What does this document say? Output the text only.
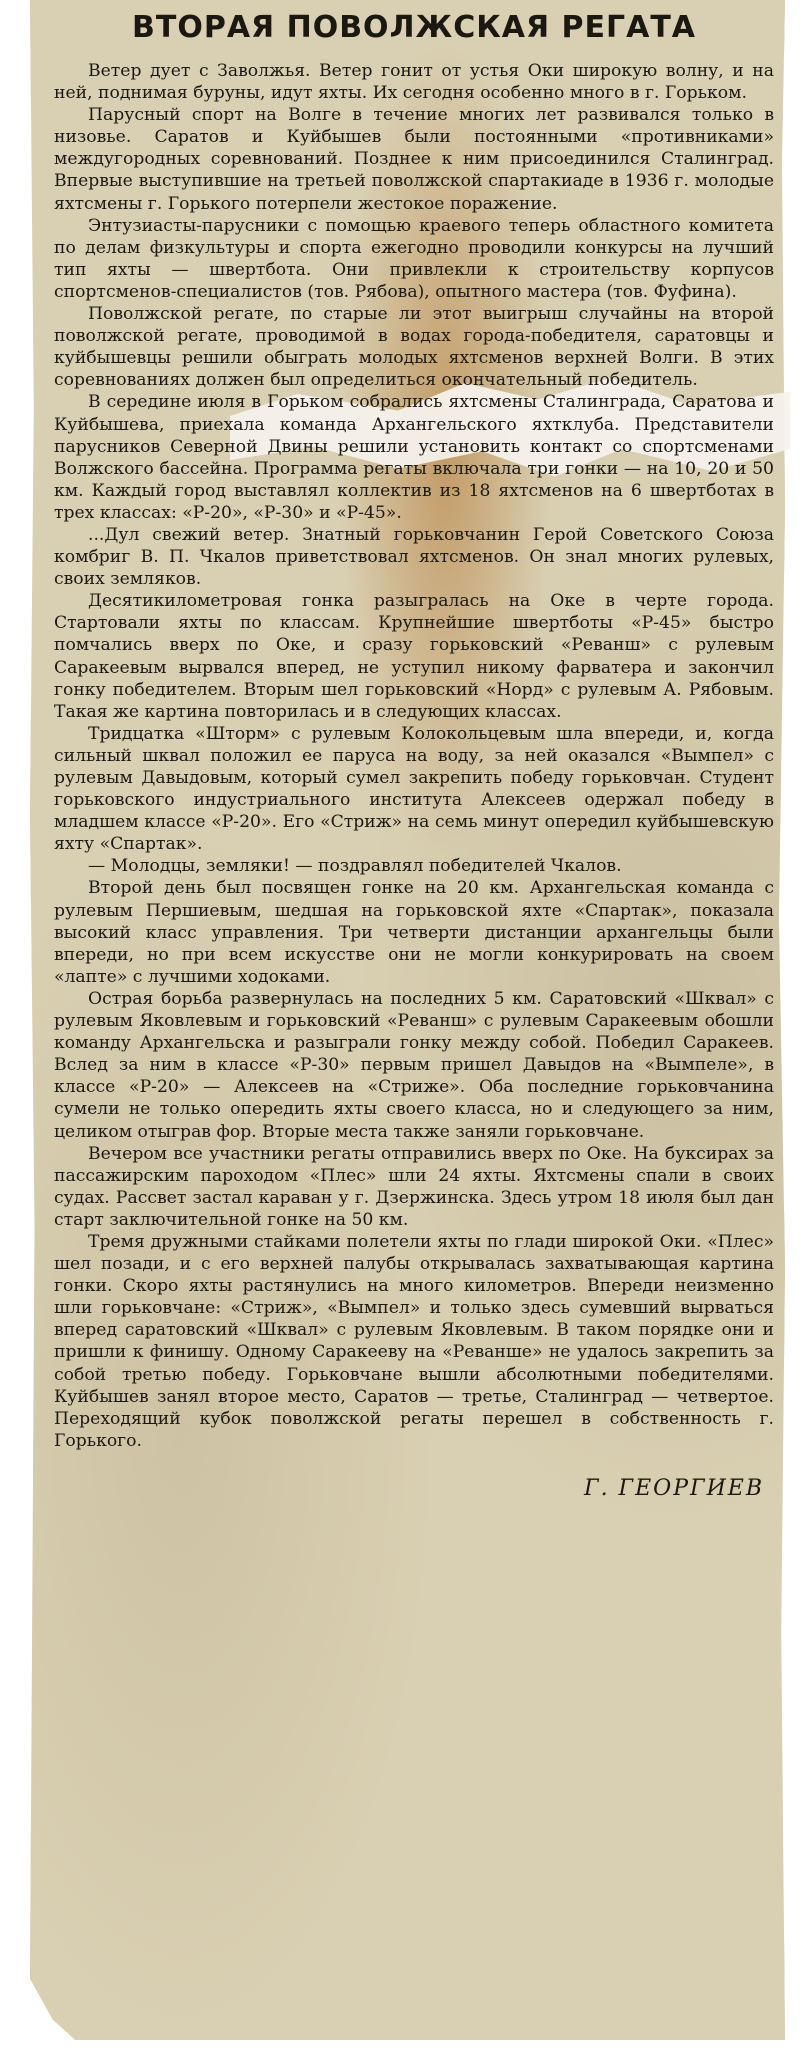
ВТОРАЯ ПОВОЛЖСКАЯ РЕГАТА

Ветер дует с Заволжья. Ветер гонит от устья Оки широкую волну, и на ней, поднимая буруны, идут яхты. Их сегодня особенно много в г. Горьком.

Парусный спорт на Волге в течение многих лет развивался только в низовье. Саратов и Куйбышев были постоянными «противниками» междугородных соревнований. Позднее к ним присоединился Сталинград. Впервые выступившие на третьей поволжской спартакиаде в 1936 г. молодые яхтсмены г. Горького потерпели жестокое поражение.

Энтузиасты-парусники с помощью краевого теперь областного комитета по делам физкультуры и спорта ежегодно проводили конкурсы на лучший тип яхты — швертбота. Они привлекли к строительству корпусов спортсменов-специалистов (тов. Рябова), опытного мастера (тов. Фуфина).

Поволжской регате, по старые ли этот выигрыш случайны на второй поволжской регате, проводимой в водах города-победителя, саратовцы и куйбышевцы решили обыграть молодых яхтсменов верхней Волги. В этих соревнованиях должен был определиться окончательный победитель.

В середине июля в Горьком собрались яхтсмены Сталинграда, Саратова и Куйбышева, приехала команда Архангельского яхтклуба. Представители парусников Северной Двины решили установить контакт со спортсменами Волжского бассейна. Программа регаты включала три гонки — на 10, 20 и 50 км. Каждый город выставлял коллектив из 18 яхтсменов на 6 швертботах в трех классах: «Р-20», «Р-30» и «Р-45».

...Дул свежий ветер. Знатный горьковчанин Герой Советского Союза комбриг В. П. Чкалов приветствовал яхтсменов. Он знал многих рулевых, своих земляков.

Десятикилометровая гонка разыгралась на Оке в черте города. Стартовали яхты по классам. Крупнейшие швертботы «Р-45» быстро помчались вверх по Оке, и сразу горьковский «Реванш» с рулевым Саракеевым вырвался вперед, не уступил никому фарватера и закончил гонку победителем. Вторым шел горьковский «Норд» с рулевым А. Рябовым. Такая же картина повторилась и в следующих классах.

Тридцатка «Шторм» с рулевым Колокольцевым шла впереди, и, когда сильный шквал положил ее паруса на воду, за ней оказался «Вымпел» с рулевым Давыдовым, который сумел закрепить победу горьковчан. Студент горьковского индустриального института Алексеев одержал победу в младшем классе «Р-20». Его «Стриж» на семь минут опередил куйбышевскую яхту «Спартак».

— Молодцы, земляки! — поздравлял победителей Чкалов.

Второй день был посвящен гонке на 20 км. Архангельская команда с рулевым Першиевым, шедшая на горьковской яхте «Спартак», показала высокий класс управления. Три четверти дистанции архангельцы были впереди, но при всем искусстве они не могли конкурировать на своем «лапте» с лучшими ходоками.

Острая борьба развернулась на последних 5 км. Саратовский «Шквал» с рулевым Яковлевым и горьковский «Реванш» с рулевым Саракеевым обошли команду Архангельска и разыграли гонку между собой. Победил Саракеев. Вслед за ним в классе «Р-30» первым пришел Давыдов на «Вымпеле», в классе «Р-20» — Алексеев на «Стриже». Оба последние горьковчанина сумели не только опередить яхты своего класса, но и следующего за ним, целиком отыграв фор. Вторые места также заняли горьковчане.

Вечером все участники регаты отправились вверх по Оке. На буксирах за пассажирским пароходом «Плес» шли 24 яхты. Яхтсмены спали в своих судах. Рассвет застал караван у г. Дзержинска. Здесь утром 18 июля был дан старт заключительной гонке на 50 км.

Тремя дружными стайками полетели яхты по глади широкой Оки. «Плес» шел позади, и с его верхней палубы открывалась захватывающая картина гонки. Скоро яхты растянулись на много километров. Впереди неизменно шли горьковчане: «Стриж», «Вымпел» и только здесь сумевший вырваться вперед саратовский «Шквал» с рулевым Яковлевым. В таком порядке они и пришли к финишу. Одному Саракееву на «Реванше» не удалось закрепить за собой третью победу. Горьковчане вышли абсолютными победителями. Куйбышев занял второе место, Саратов — третье, Сталинград — четвертое. Переходящий кубок поволжской регаты перешел в собственность г. Горького.

Г. ГЕОРГИЕВ
